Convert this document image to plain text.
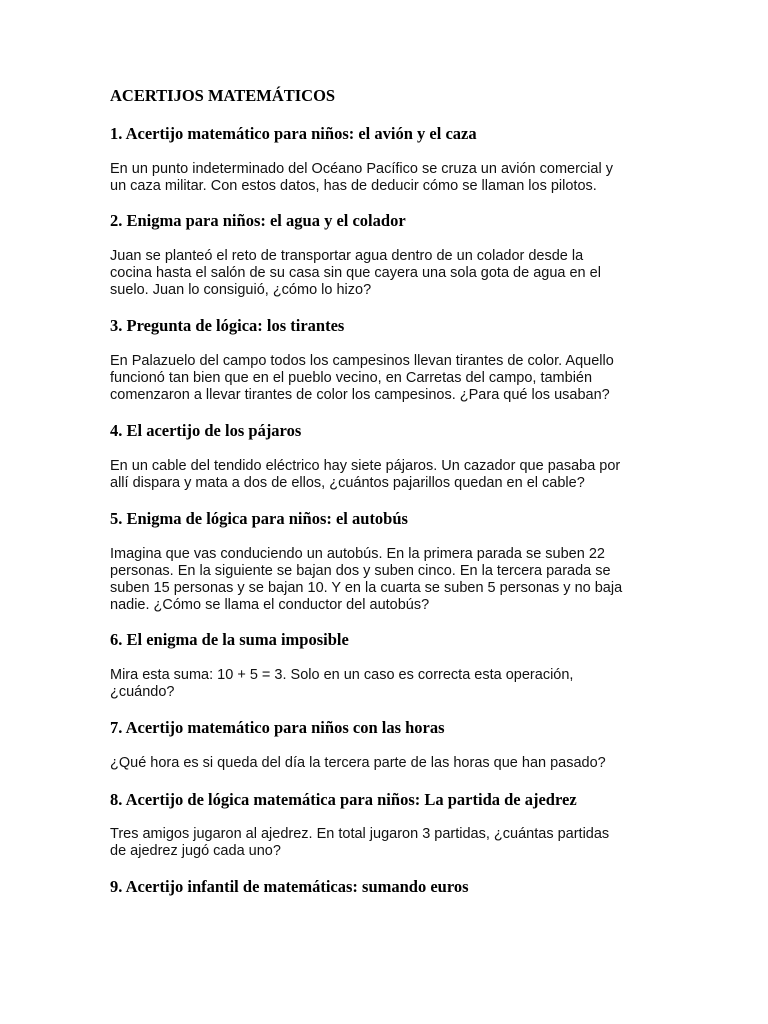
ACERTIJOS MATEMÁTICOS
1. Acertijo matemático para niños: el avión y el caza
En un punto indeterminado del Océano Pacífico se cruza un avión comercial y
un caza militar. Con estos datos, has de deducir cómo se llaman los pilotos.
2. Enigma para niños: el agua y el colador
Juan se planteó el reto de transportar agua dentro de un colador desde la
cocina hasta el salón de su casa sin que cayera una sola gota de agua en el
suelo. Juan lo consiguió, ¿cómo lo hizo?
3. Pregunta de lógica: los tirantes
En Palazuelo del campo todos los campesinos llevan tirantes de color. Aquello
funcionó tan bien que en el pueblo vecino, en Carretas del campo, también
comenzaron a llevar tirantes de color los campesinos. ¿Para qué los usaban?
4. El acertijo de los pájaros
En un cable del tendido eléctrico hay siete pájaros. Un cazador que pasaba por
allí dispara y mata a dos de ellos, ¿cuántos pajarillos quedan en el cable?
5. Enigma de lógica para niños: el autobús
Imagina que vas conduciendo un autobús. En la primera parada se suben 22
personas. En la siguiente se bajan dos y suben cinco. En la tercera parada se
suben 15 personas y se bajan 10. Y en la cuarta se suben 5 personas y no baja
nadie. ¿Cómo se llama el conductor del autobús?
6. El enigma de la suma imposible
Mira esta suma: 10 + 5 = 3. Solo en un caso es correcta esta operación,
¿cuándo?
7. Acertijo matemático para niños con las horas
¿Qué hora es si queda del día la tercera parte de las horas que han pasado?
8. Acertijo de lógica matemática para niños: La partida de ajedrez
Tres amigos jugaron al ajedrez. En total jugaron 3 partidas, ¿cuántas partidas
de ajedrez jugó cada uno?
9. Acertijo infantil de matemáticas: sumando euros
